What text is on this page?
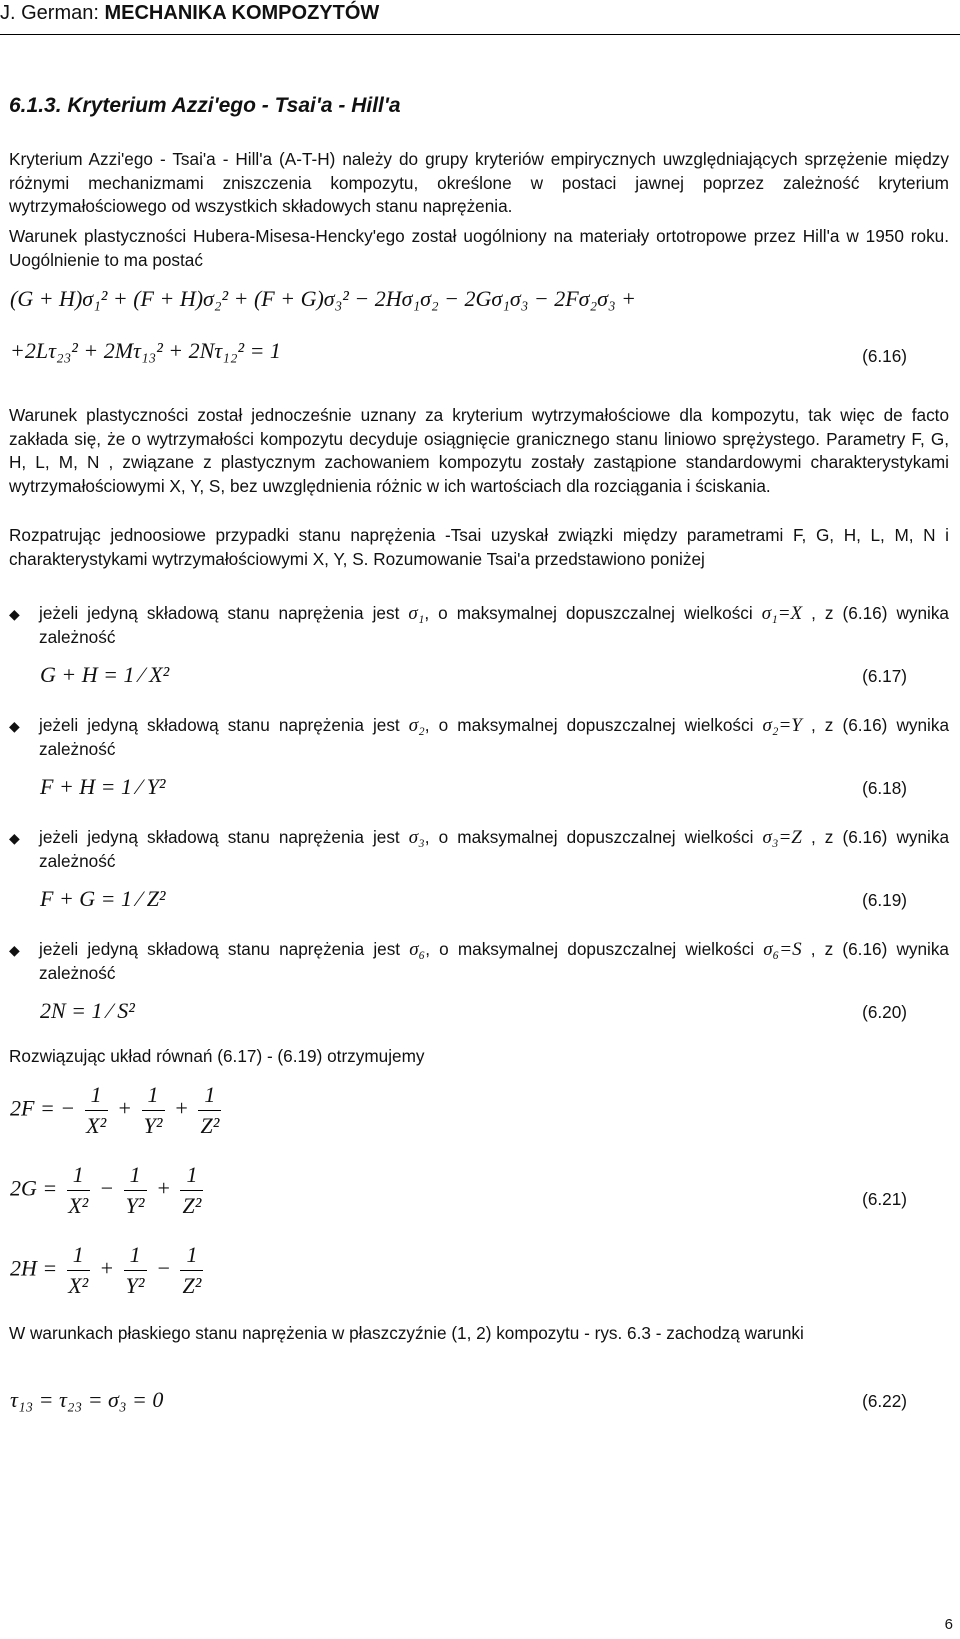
J. German: MECHANIKA KOMPOZYTÓW
6.1.3. Kryterium Azzi'ego - Tsai'a - Hill'a
Kryterium Azzi'ego - Tsai'a - Hill'a (A-T-H) należy do grupy kryteriów empirycznych uwzględniających sprzężenie między różnymi mechanizmami zniszczenia kompozytu, określone w postaci jawnej poprzez zależność kryterium wytrzymałościowego od wszystkich składowych stanu naprężenia.
Warunek plastyczności Hubera-Misesa-Hencky'ego został uogólniony na materiały ortotropowe przez Hill'a w 1950 roku. Uogólnienie to ma postać
(G + H)σ₁² + (F + H)σ₂² + (F + G)σ₃² − 2Hσ₁σ₂ − 2Gσ₁σ₃ − 2Fσ₂σ₃ +
+2Lτ₂₃² + 2Mτ₁₃² + 2Nτ₁₂² = 1	(6.16)
Warunek plastyczności został jednocześnie uznany za kryterium wytrzymałościowe dla kompozytu, tak więc de facto zakłada się, że o wytrzymałości kompozytu decyduje osiągnięcie granicznego stanu liniowo sprężystego. Parametry F, G, H, L, M, N , związane z plastycznym zachowaniem kompozytu zostały zastąpione standardowymi charakterystykami wytrzymałościowymi X, Y, S, bez uwzględnienia różnic w ich wartościach dla rozciągania i ściskania.
Rozpatrując jednoosiowe przypadki stanu naprężenia -Tsai uzyskał związki między parametrami F, G, H, L, M, N i charakterystykami wytrzymałościowymi X, Y, S. Rozumowanie Tsai'a przedstawiono poniżej
◆ jeżeli jedyną składową stanu naprężenia jest σ₁, o maksymalnej dopuszczalnej wielkości σ₁=X , z (6.16) wynika zależność
G + H = 1 ⁄ X²	(6.17)
◆ jeżeli jedyną składową stanu naprężenia jest σ₂, o maksymalnej dopuszczalnej wielkości σ₂=Y , z (6.16) wynika zależność
F + H = 1 ⁄ Y²	(6.18)
◆ jeżeli jedyną składową stanu naprężenia jest σ₃, o maksymalnej dopuszczalnej wielkości σ₃=Z , z (6.16) wynika zależność
F + G = 1 ⁄ Z²	(6.19)
◆ jeżeli jedyną składową stanu naprężenia jest σ₆, o maksymalnej dopuszczalnej wielkości σ₆=S , z (6.16) wynika zależność
2N = 1 ⁄ S²	(6.20)
Rozwiązując układ równań (6.17) - (6.19) otrzymujemy
2F = − $\frac{1}{\text{X²}} + \frac{1}{\text{Y²}} + \frac{1}{\text{Z²}}$
$2G = \frac{1}{\text{X²}} - \frac{1}{\text{Y²}} + \frac{1}{\text{Z²}}$	(6.21)
$2H = \frac{1}{\text{X²}} + \frac{1}{\text{Y²}} - \frac{1}{\text{Z²}}$
W warunkach płaskiego stanu naprężenia w płaszczyźnie (1, 2) kompozytu - rys. 6.3 - zachodzą warunki
τ₁₃ = τ₂₃ = σ₃ = 0	(6.22)
6
